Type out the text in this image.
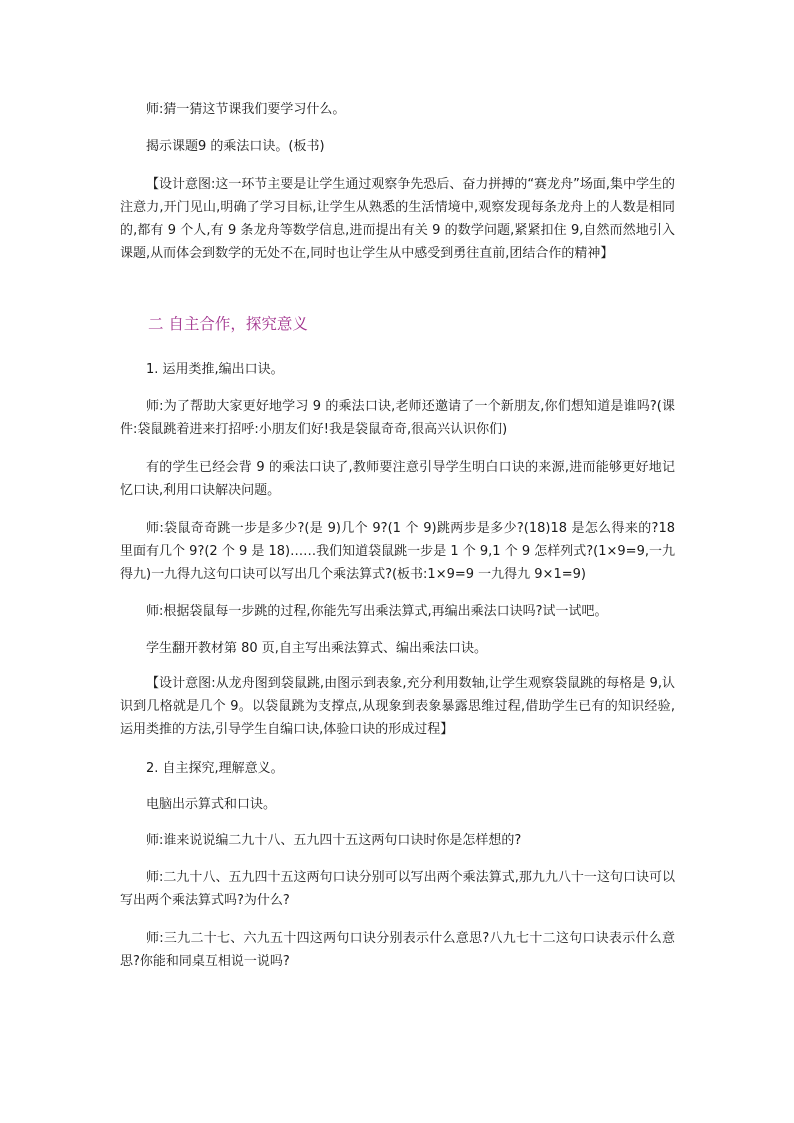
师:猜一猜这节课我们要学习什么。
揭示课题9 的乘法口诀。(板书)
【设计意图:这一环节主要是让学生通过观察争先恐后、奋力拼搏的“赛龙舟”场面,集中学生的注意力,开门见山,明确了学习目标,让学生从熟悉的生活情境中,观察发现每条龙舟上的人数是相同的,都有 9 个人,有 9 条龙舟等数学信息,进而提出有关 9 的数学问题,紧紧扣住 9,自然而然地引入课题,从而体会到数学的无处不在,同时也让学生从中感受到勇往直前,团结合作的精神】
二 自主合作，探究意义
1. 运用类推,编出口诀。
师:为了帮助大家更好地学习 9 的乘法口诀,老师还邀请了一个新朋友,你们想知道是谁吗?(课件:袋鼠跳着进来打招呼:小朋友们好!我是袋鼠奇奇,很高兴认识你们)
有的学生已经会背 9 的乘法口诀了,教师要注意引导学生明白口诀的来源,进而能够更好地记忆口诀,利用口诀解决问题。
师:袋鼠奇奇跳一步是多少?(是 9)几个 9?(1 个 9)跳两步是多少?(18)18 是怎么得来的?18 里面有几个 9?(2 个 9 是 18)……我们知道袋鼠跳一步是 1 个 9,1 个 9 怎样列式?(1×9=9,一九得九)一九得九这句口诀可以写出几个乘法算式?(板书:1×9=9 一九得九 9×1=9)
师:根据袋鼠每一步跳的过程,你能先写出乘法算式,再编出乘法口诀吗?试一试吧。
学生翻开教材第 80 页,自主写出乘法算式、编出乘法口诀。
【设计意图:从龙舟图到袋鼠跳,由图示到表象,充分利用数轴,让学生观察袋鼠跳的每格是 9,认识到几格就是几个 9。以袋鼠跳为支撑点,从现象到表象暴露思维过程,借助学生已有的知识经验,运用类推的方法,引导学生自编口诀,体验口诀的形成过程】
2. 自主探究,理解意义。
电脑出示算式和口诀。
师:谁来说说编二九十八、五九四十五这两句口诀时你是怎样想的?
师:二九十八、五九四十五这两句口诀分别可以写出两个乘法算式,那九九八十一这句口诀可以写出两个乘法算式吗?为什么?
师:三九二十七、六九五十四这两句口诀分别表示什么意思?八九七十二这句口诀表示什么意思?你能和同桌互相说一说吗?
